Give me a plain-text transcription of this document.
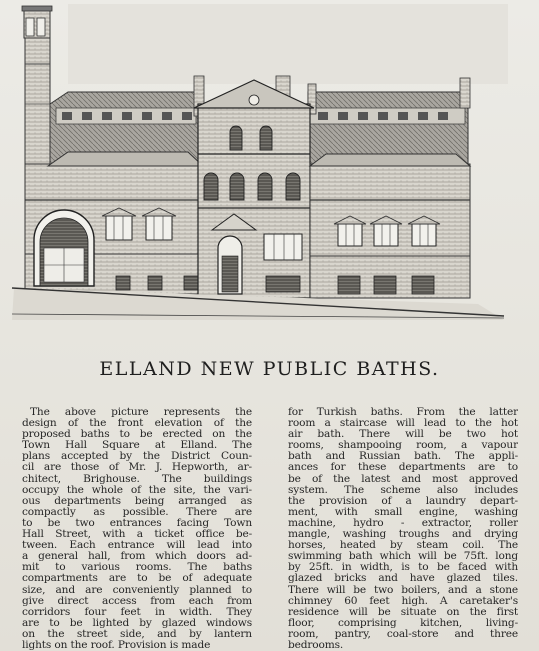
ELLAND NEW PUBLIC BATHS.
The above picture represents the
design of the front elevation of the
proposed baths to be erected on the
Town Hall Square at Elland. The
plans accepted by the District Coun-
cil are those of Mr. J. Hepworth, ar-
chitect, Brighouse. The buildings
occupy the whole of the site, the vari-
ous departments being arranged as
compactly as possible. There are
to be two entrances facing Town
Hall Street, with a ticket office be-
tween. Each entrance will lead into
a general hall, from which doors ad-
mit to various rooms. The baths
compartments are to be of adequate
size, and are conveniently planned to
give direct access from each from
corridors four feet in width. They
are to be lighted by glazed windows
on the street side, and by lantern
lights on the roof. Provision is made
for Turkish baths. From the latter
room a staircase will lead to the hot
air bath. There will be two hot
rooms, shampooing room, a vapour
bath and Russian bath. The appli-
ances for these departments are to
be of the latest and most approved
system. The scheme also includes
the provision of a laundry depart-
ment, with small engine, washing
machine, hydro - extractor, roller
mangle, washing troughs and drying
horses, heated by steam coil. The
swimming bath which will be 75ft. long
by 25ft. in width, is to be faced with
glazed bricks and have glazed tiles.
There will be two boilers, and a stone
chimney 60 feet high. A caretaker's
residence will be situate on the first
floor, comprising kitchen, living-
room, pantry, coal-store and three
bedrooms.
